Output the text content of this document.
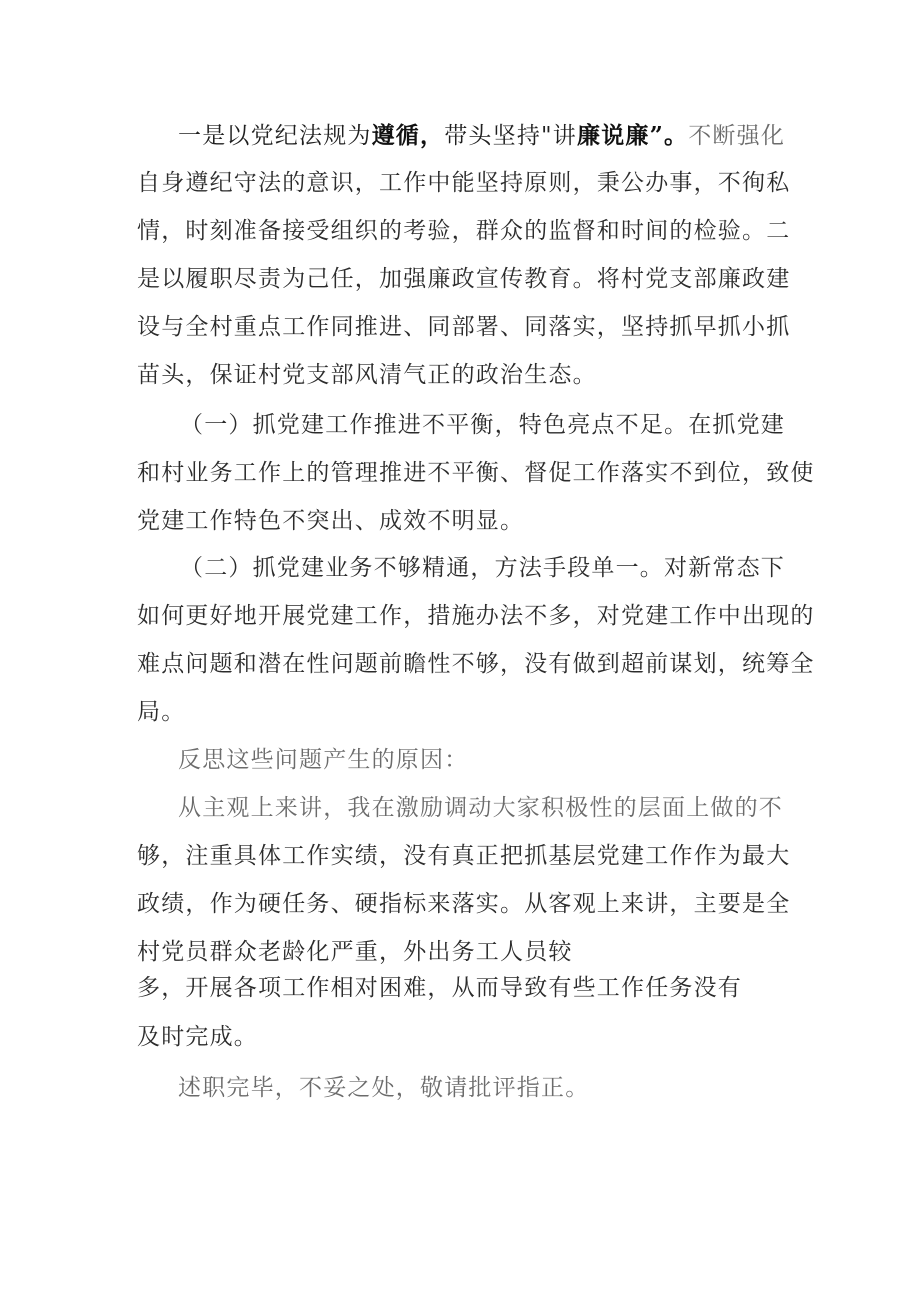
一是以党纪法规为遵循，带头坚持"讲廉说廉”。不断强化
自身遵纪守法的意识，工作中能坚持原则，秉公办事，不徇私
情，时刻准备接受组织的考验，群众的监督和时间的检验。二
是以履职尽责为己任，加强廉政宣传教育。将村党支部廉政建
设与全村重点工作同推进、同部署、同落实，坚持抓早抓小抓
苗头，保证村党支部风清气正的政治生态。
（一）抓党建工作推进不平衡，特色亮点不足。在抓党建
和村业务工作上的管理推进不平衡、督促工作落实不到位，致使
党建工作特色不突出、成效不明显。
（二）抓党建业务不够精通，方法手段单一。对新常态下
如何更好地开展党建工作，措施办法不多，对党建工作中出现的
难点问题和潜在性问题前瞻性不够，没有做到超前谋划，统筹全
局。
反思这些问题产生的原因：
从主观上来讲，我在激励调动大家积极性的层面上做的不
够，注重具体工作实绩，没有真正把抓基层党建工作作为最大
政绩，作为硬任务、硬指标来落实。从客观上来讲，主要是全
村党员群众老龄化严重，外出务工人员较
多，开展各项工作相对困难，从而导致有些工作任务没有
及时完成。
述职完毕，不妥之处，敬请批评指正。
